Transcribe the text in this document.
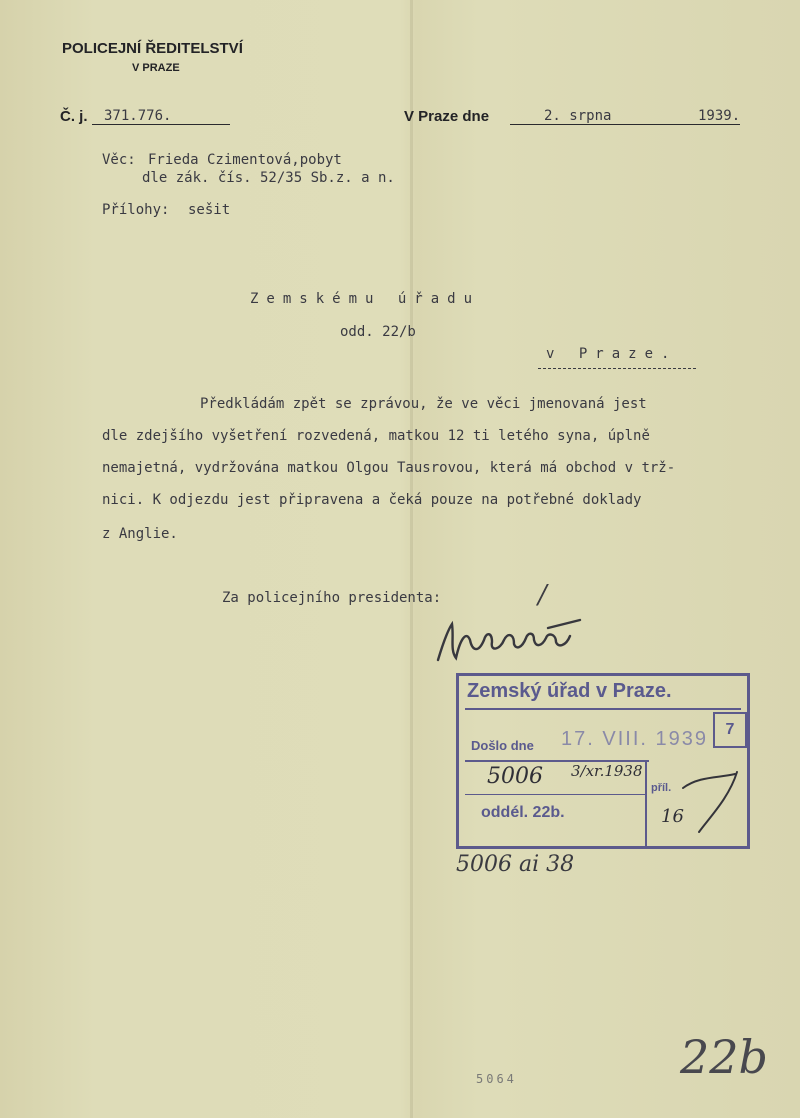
POLICEJNÍ ŘEDITELSTVÍ
V PRAZE
Č. j.	371.776.	V Praze dne	2. srpna	1939.

Věc: Frieda Czimentová,pobyt
dle zák. čís. 52/35 Sb.z. a n.
Přílohy: sešit
Zemskému úřadu
odd. 22/b
v Praze.
Předkládám zpět se zprávou, že ve věci jmenovaná jest
dle zdejšího vyšetření rozvedená, matkou 12 ti letého syna, úplně
nemajetná, vydržována matkou Olgou Tausrovou, která má obchod v trž-
nici. K odjezdu jest připravena a čeká pouze na potřebné doklady
z Anglie.
Za policejního presidenta:	/
Zemský úřad v Praze.
7
Došlo dne 17. VIII. 1939
5006 3/xr.1938
příl.
16
oddél. 22b.
5006 ai 38
5064	22b
